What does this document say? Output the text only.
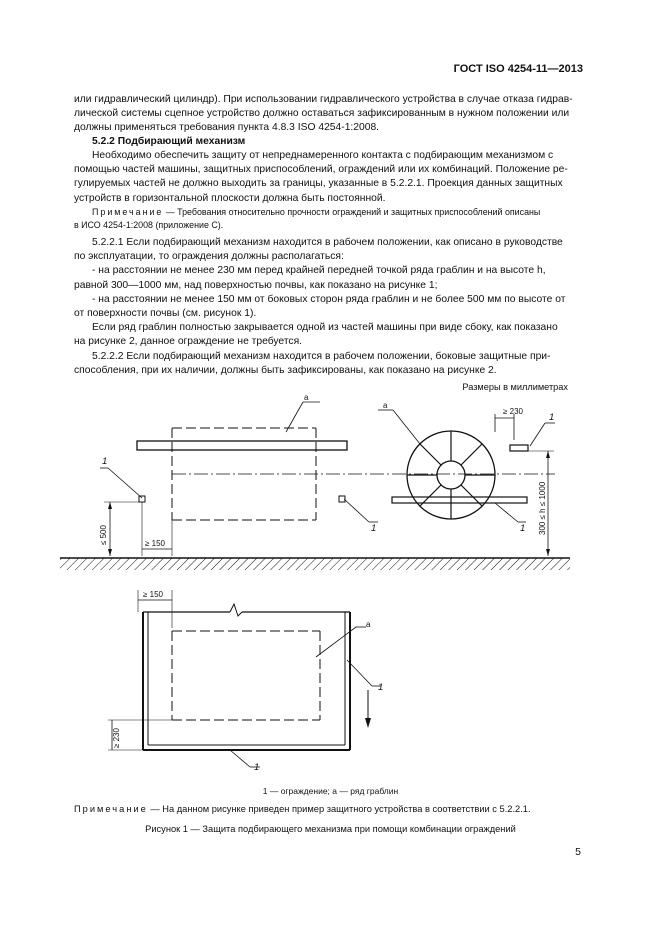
ГОСТ ISO 4254-11—2013
или гидравлический цилиндр). При использовании гидравлического устройства в случае отказа гидрав-
лической системы сцепное устройство должно оставаться зафиксированным в нужном положении или
должны применяться требования пункта 4.8.3 ISO 4254-1:2008.
5.2.2 Подбирающий механизм
Необходимо обеспечить защиту от непреднамеренного контакта с подбирающим механизмом с
помощью частей машины, защитных приспособлений, ограждений или их комбинаций. Положение ре-
гулируемых частей не должно выходить за границы, указанные в 5.2.2.1. Проекция данных защитных
устройств в горизонтальной плоскости должна быть постоянной.
Примечание — Требования относительно прочности ограждений и защитных приспособлений описаны
в ИСО 4254-1:2008 (приложение С).
5.2.2.1 Если подбирающий механизм находится в рабочем положении, как описано в руководстве
по эксплуатации, то ограждения должны располагаться:
- на расстоянии не менее 230 мм перед крайней передней точкой ряда граблин и на высоте h,
равной 300—1000 мм, над поверхностью почвы, как показано на рисунке 1;
- на расстоянии не менее 150 мм от боковых сторон ряда граблин и не более 500 мм по высоте от
от поверхности почвы (см. рисунок 1).
Если ряд граблин полностью закрывается одной из частей машины при виде сбоку, как показано
на рисунке 2, данное ограждение не требуется.
5.2.2.2 Если подбирающий механизм находится в рабочем положении, боковые защитные при-
способления, при их наличии, должны быть зафиксированы, как показано на рисунке 2.
Размеры в миллиметрах
a
a
1
1	1
1
≥ 230
≥ 150
≤ 500
300 ≤ h ≤ 1000
≥ 150
≥ 230
a
1
1
1 — ограждение; a — ряд граблин
Примечание — На данном рисунке приведен пример защитного устройства в соответствии с 5.2.2.1.
Рисунок 1 — Защита подбирающего механизма при помощи комбинации ограждений
5
